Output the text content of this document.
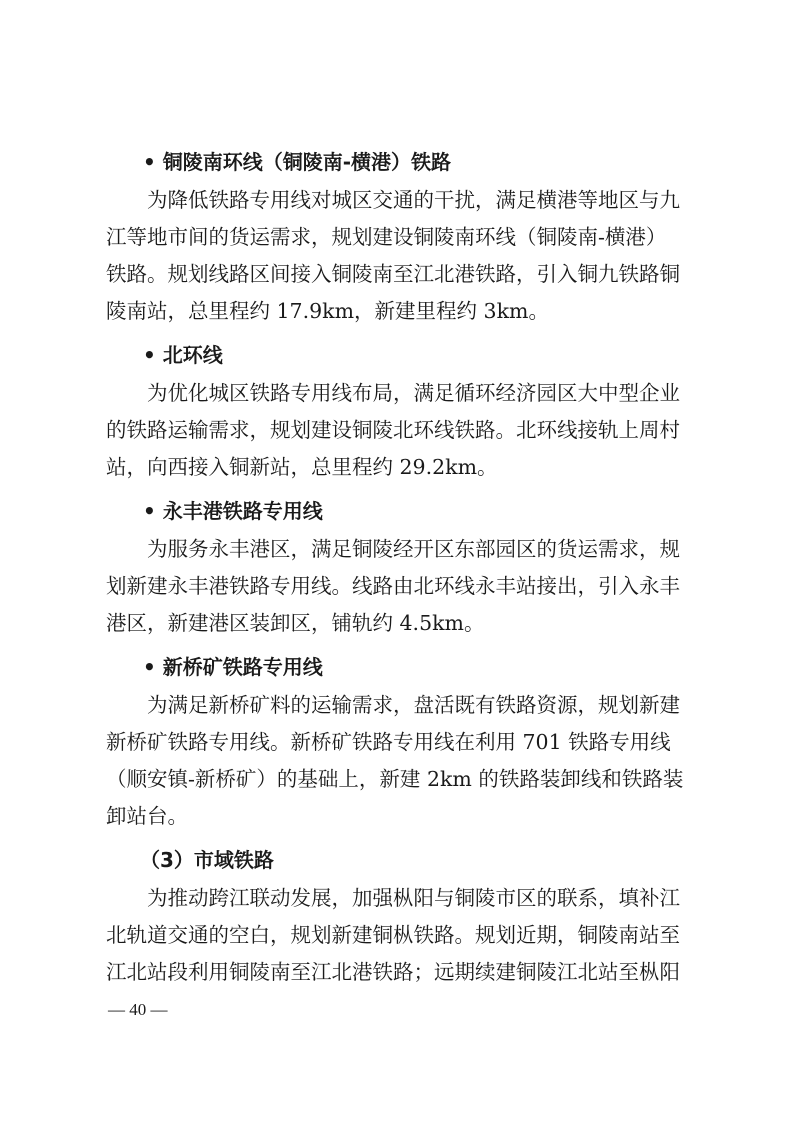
• 铜陵南环线（铜陵南-横港）铁路

为降低铁路专用线对城区交通的干扰，满足横港等地区与九
江等地市间的货运需求，规划建设铜陵南环线（铜陵南-横港）
铁路。规划线路区间接入铜陵南至江北港铁路，引入铜九铁路铜
陵南站，总里程约 17.9km，新建里程约 3km。

• 北环线

为优化城区铁路专用线布局，满足循环经济园区大中型企业
的铁路运输需求，规划建设铜陵北环线铁路。北环线接轨上周村
站，向西接入铜新站，总里程约 29.2km。

• 永丰港铁路专用线

为服务永丰港区，满足铜陵经开区东部园区的货运需求，规
划新建永丰港铁路专用线。线路由北环线永丰站接出，引入永丰
港区，新建港区装卸区，铺轨约 4.5km。

• 新桥矿铁路专用线

为满足新桥矿料的运输需求，盘活既有铁路资源，规划新建
新桥矿铁路专用线。新桥矿铁路专用线在利用 701 铁路专用线
（顺安镇-新桥矿）的基础上，新建 2km 的铁路装卸线和铁路装
卸站台。

（3）市域铁路

为推动跨江联动发展，加强枞阳与铜陵市区的联系，填补江
北轨道交通的空白，规划新建铜枞铁路。规划近期，铜陵南站至
江北站段利用铜陵南至江北港铁路；远期续建铜陵江北站至枞阳

— 40 —
